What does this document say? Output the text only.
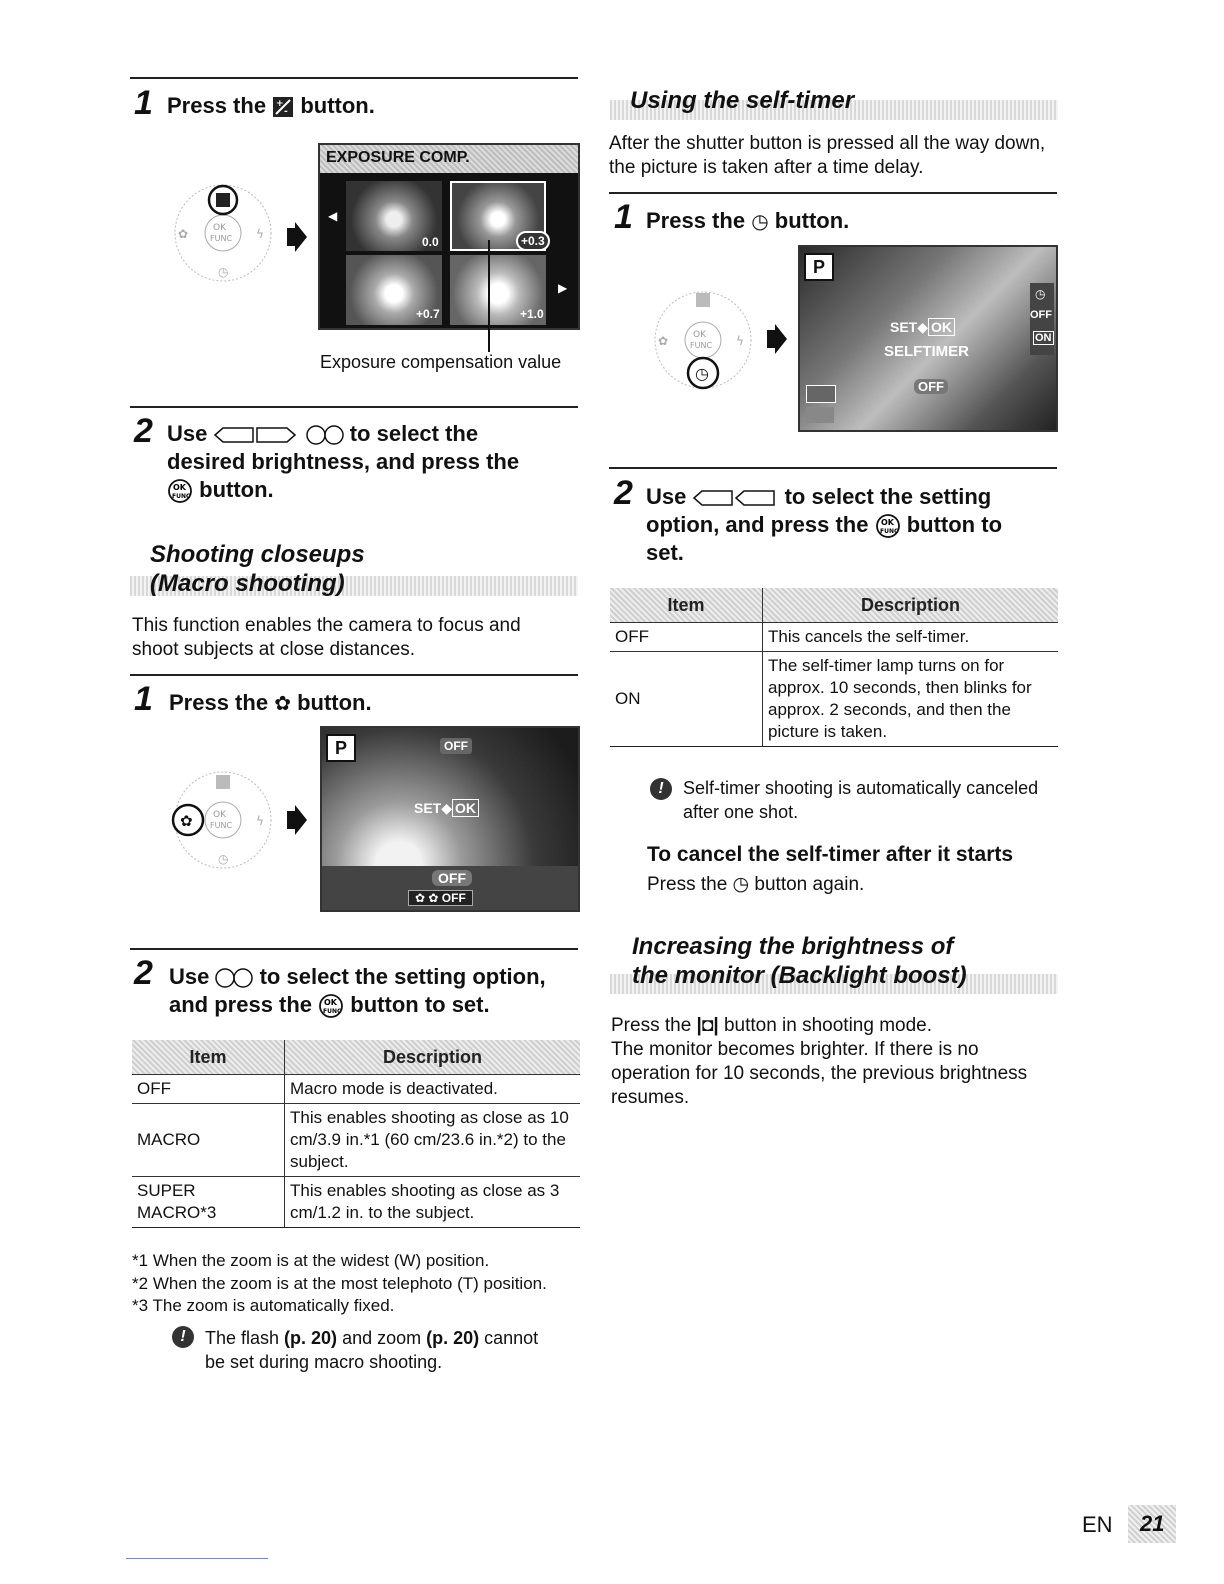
1 Press the +
- button.
OK
FUNC
✿	ϟ
◷
EXPOSURE COMP.
◀
▶
0.0	+0.3
+0.7	+1.0
Exposure compensation value
2 Use	to select the
desired brightness, and press the

OK
FUNC button.
Shooting closeups
(Macro shooting)
This function enables the camera to focus and shoot subjects at close distances.
1 Press the ✿ button.
OK
FUNC
✿	ϟ
◷
P	OFF
SET◆ OK
OFF
✿ ✿ OFF
2 Use to select the setting option,
and press the OK
FUNC button to set.
Item	Description
OFF	Macro mode is deactivated.
MACRO	This enables shooting as close as 10 cm/3.9 in.*1 (60 cm/23.6 in.*2) to the subject.
SUPER MACRO*3	This enables shooting as close as 3 cm/1.2 in. to the subject.
*1 When the zoom is at the widest (W) position.
*2 When the zoom is at the most telephoto (T) position.
*3 The zoom is automatically fixed.
!	The flash (p. 20) and zoom (p. 20) cannot
be set during macro shooting.
Using the self-timer
After the shutter button is pressed all the way down, the picture is taken after a time delay.
1 Press the ◷ button.
OK
FUNC
✿	ϟ
◷
P
◷
OFF
ON
SET◆ OK
SELFTIMER
OFF
2 Use	to select the setting
option, and press the OK
FUNC button to
set.
Item	Description
OFF	This cancels the self-timer.
ON	The self-timer lamp turns on for approx. 10 seconds, then blinks for approx. 2 seconds, and then the picture is taken.
!	Self-timer shooting is automatically canceled after one shot.
To cancel the self-timer after it starts
Press the ◷ button again.
Increasing the brightness of
the monitor (Backlight boost)
Press the |◘| button in shooting mode.
The monitor becomes brighter. If there is no operation for 10 seconds, the previous brightness resumes.
EN	21
